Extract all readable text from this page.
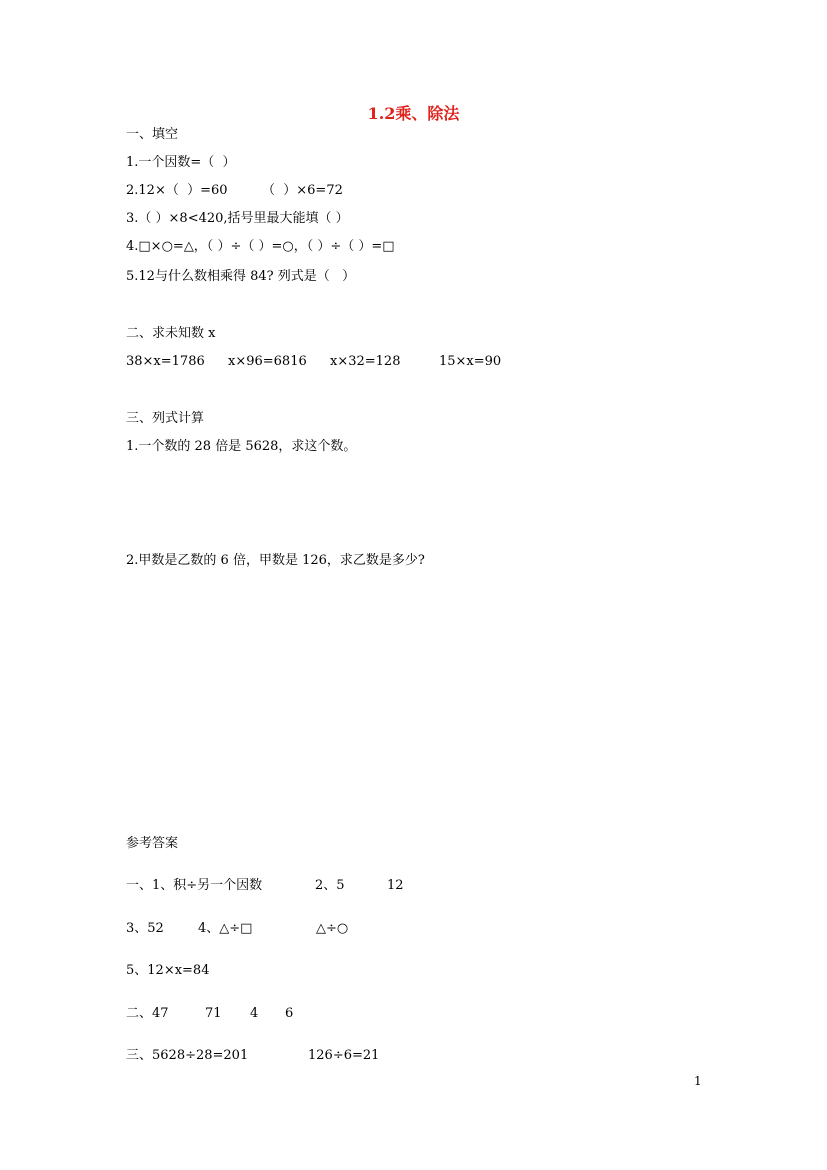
1.2乘、除法
一、填空
1.一个因数=（  ）
2.12×（  ）=60	（  ）×6=72
3.（ ）×8<420,括号里最大能填（ ）
4.□×○=△，（ ）÷（ ）=○，（ ）÷（ ）=□
5.12与什么数相乘得 84? 列式是（   ）
二、求未知数 x
38×x=1786 x×96=6816 x×32=128	15×x=90
三、列式计算
1.一个数的 28 倍是 5628，求这个数。
2.甲数是乙数的 6 倍，甲数是 126，求乙数是多少?
参考答案
一、1、积÷另一个因数	2、5	12
3、52	4、△÷□	△÷○
5、12×x=84
二、47	71 4 6
三、5628÷28=201	126÷6=21
1
